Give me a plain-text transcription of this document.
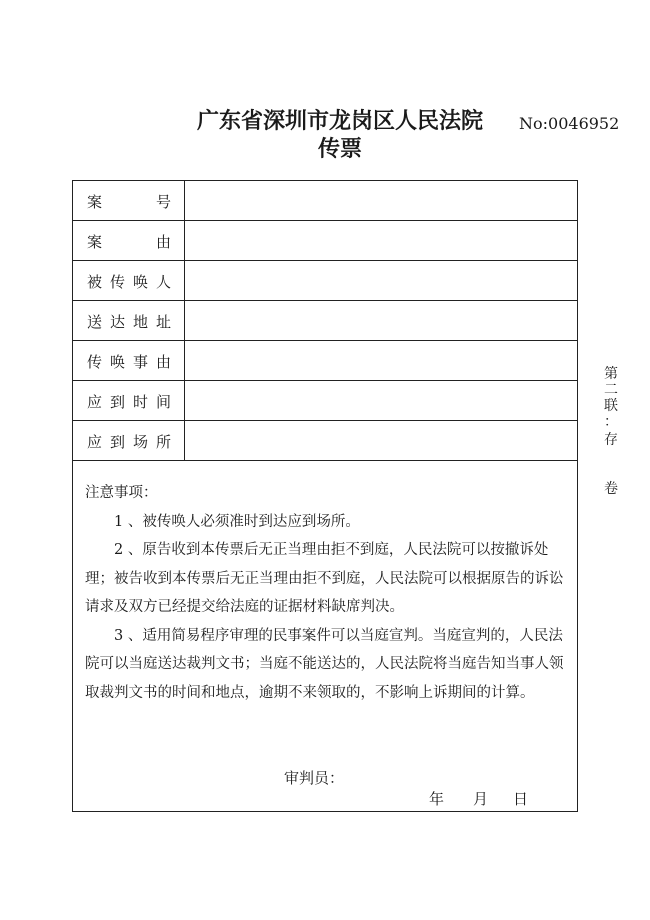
广东省深圳市龙岗区人民法院
传票
No:0046952
案	号
案	由
被 传 唤 人
送 达 地 址
传 唤 事 由
应 到 时 间
应 到 场 所

注意事项：

1 、被传唤人必须准时到达应到场所。

2 、原告收到本传票后无正当理由拒不到庭，人民法院可以按撤诉处理；被告收到本传票后无正当理由拒不到庭，人民法院可以根据原告的诉讼请求及双方已经提交给法庭的证据材料缺席判决。

3 、适用简易程序审理的民事案件可以当庭宣判。当庭宣判的，人民法院可以当庭送达裁判文书；当庭不能送达的，人民法院将当庭告知当事人领取裁判文书的时间和地点，逾期不来领取的，不影响上诉期间的计算。

审判员：
年 月 日
第
二
联
：
存
卷
